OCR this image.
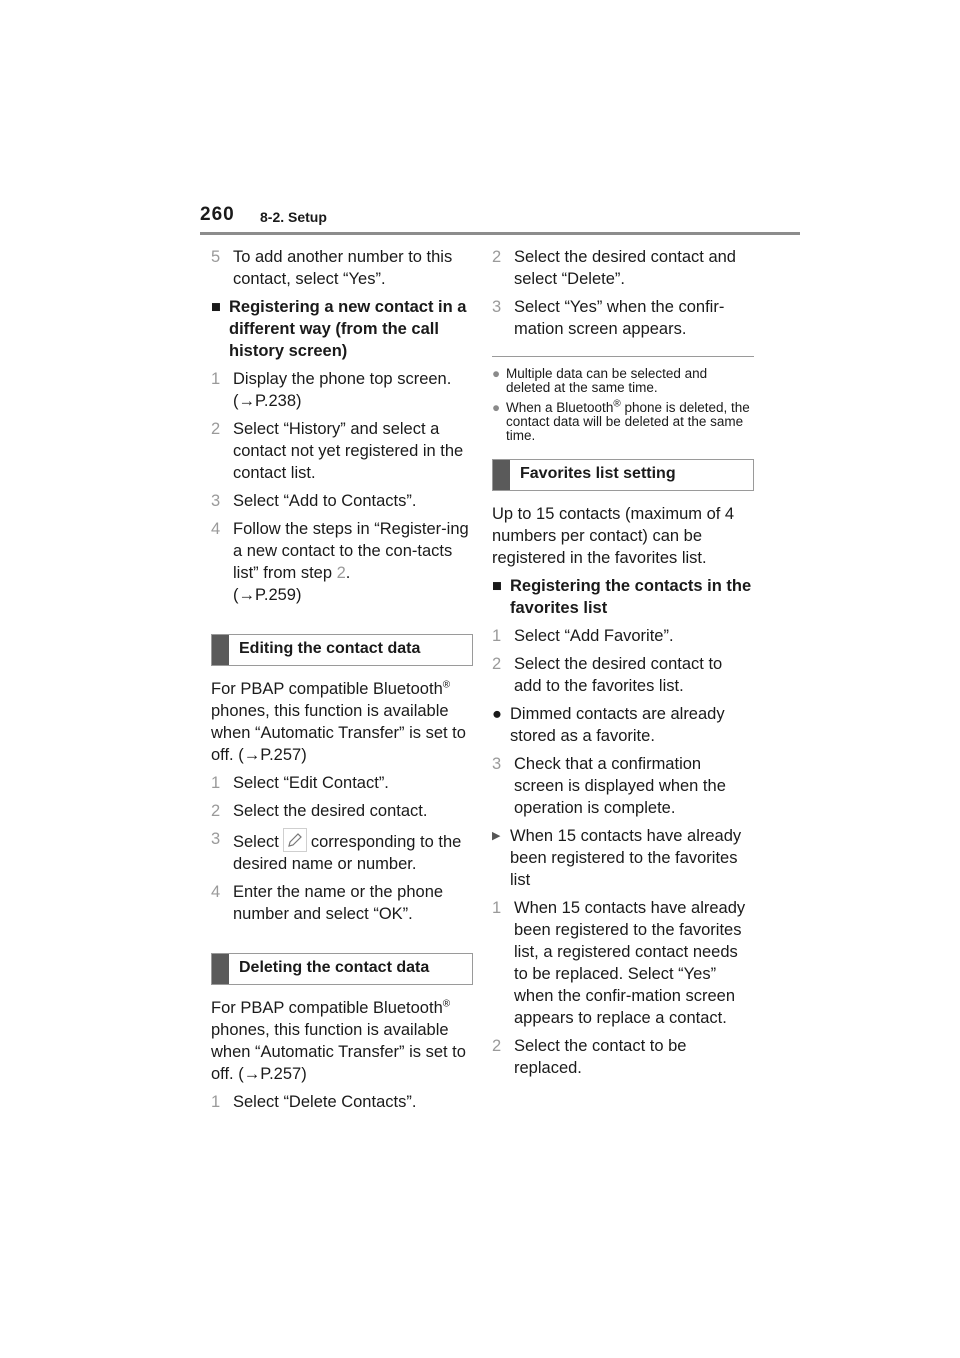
260 8-2. Setup
5 To add another number to this contact, select “Yes”.
■ Registering a new contact in a different way (from the call history screen)
1 Display the phone top screen. (→P.238)
2 Select “History” and select a contact not yet registered in the contact list.
3 Select “Add to Contacts”.
4 Follow the steps in “Register-ing a new contact to the con-tacts list” from step 2.
(→P.259)
Editing the contact data
For PBAP compatible Bluetooth® phones, this function is available when “Automatic Transfer” is set to off. (→P.257)
1 Select “Edit Contact”.
2 Select the desired contact.
3 Select corresponding to the desired name or number.
4 Enter the name or the phone number and select “OK”.
Deleting the contact data
For PBAP compatible Bluetooth® phones, this function is available when “Automatic Transfer” is set to off. (→P.257)
1 Select “Delete Contacts”.
2 Select the desired contact and select “Delete”.
3 Select “Yes” when the confir-mation screen appears.
● Multiple data can be selected and deleted at the same time.
● When a Bluetooth® phone is deleted, the contact data will be deleted at the same time.
Favorites list setting
Up to 15 contacts (maximum of 4 numbers per contact) can be registered in the favorites list.
■ Registering the contacts in the favorites list
1 Select “Add Favorite”.
2 Select the desired contact to add to the favorites list.
● Dimmed contacts are already stored as a favorite.
3 Check that a confirmation screen is displayed when the operation is complete.
▶ When 15 contacts have already been registered to the favorites list
1 When 15 contacts have already been registered to the favorites list, a registered contact needs to be replaced. Select “Yes” when the confir-mation screen appears to replace a contact.
2 Select the contact to be replaced.
